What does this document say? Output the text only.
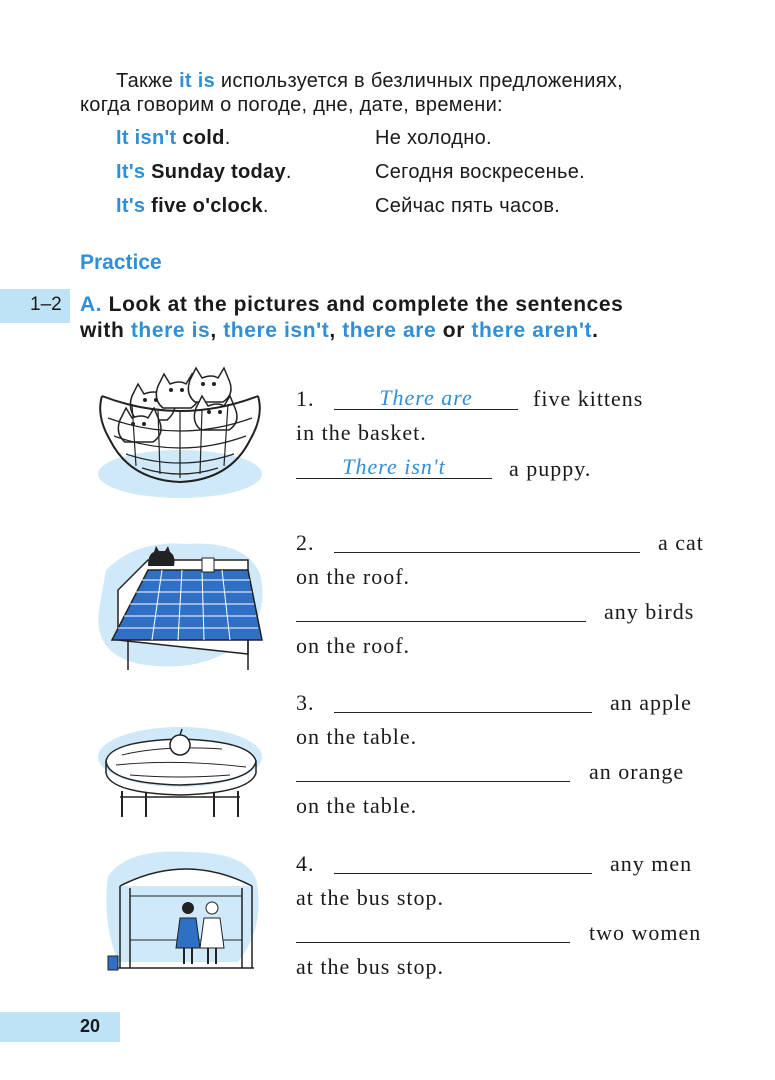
Также it is используется в безличных предложениях,
когда говорим о погоде, дне, дате, времени:
It isn't cold.	Не холодно.
It's Sunday today.	Сегодня воскресенье.
It's five o'clock.	Сейчас пять часов.
Practice
1–2 A. Look at the pictures and complete the sentences
with there is, there isn't, there are or there aren't.
1.	There are	five kittens
in the basket.
There isn't	a puppy.
2.	a cat
on the roof.
any birds
on the roof.
3.	an apple
on the table.
an orange
on the table.
4.	any men
at the bus stop.
two women
at the bus stop.
20
